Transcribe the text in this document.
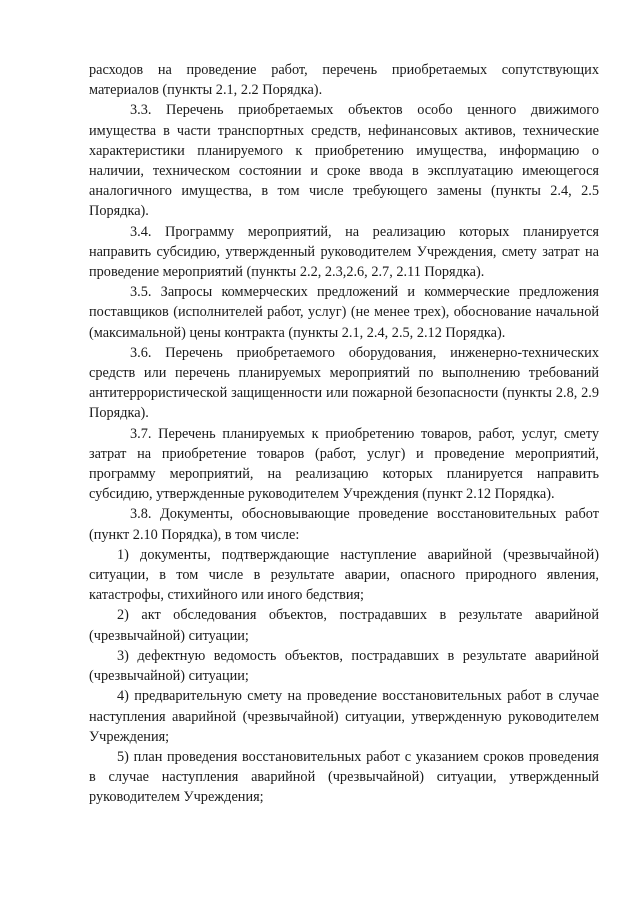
расходов на проведение работ, перечень приобретаемых сопутствующих материалов (пункты 2.1, 2.2 Порядка).

3.3. Перечень приобретаемых объектов особо ценного движимого имущества в части транспортных средств, нефинансовых активов, технические характеристики планируемого к приобретению имущества, информацию о наличии, техническом состоянии и сроке ввода в эксплуатацию имеющегося аналогичного имущества, в том числе требующего замены (пункты 2.4, 2.5 Порядка).

3.4. Программу мероприятий, на реализацию которых планируется направить субсидию, утвержденный руководителем Учреждения, смету затрат на проведение мероприятий (пункты 2.2, 2.3,2.6, 2.7, 2.11 Порядка).

3.5. Запросы коммерческих предложений и коммерческие предложения поставщиков (исполнителей работ, услуг) (не менее трех), обоснование начальной (максимальной) цены контракта (пункты 2.1, 2.4, 2.5, 2.12 Порядка).

3.6. Перечень приобретаемого оборудования, инженерно-технических средств или перечень планируемых мероприятий по выполнению требований антитеррористической защищенности или пожарной безопасности (пункты 2.8, 2.9 Порядка).

3.7. Перечень планируемых к приобретению товаров, работ, услуг, смету затрат на приобретение товаров (работ, услуг) и проведение мероприятий, программу мероприятий, на реализацию которых планируется направить субсидию, утвержденные руководителем Учреждения (пункт 2.12 Порядка).

3.8. Документы, обосновывающие проведение восстановительных работ (пункт 2.10 Порядка), в том числе:

1) документы, подтверждающие наступление аварийной (чрезвычайной) ситуации, в том числе в результате аварии, опасного природного явления, катастрофы, стихийного или иного бедствия;

2) акт обследования объектов, пострадавших в результате аварийной (чрезвычайной) ситуации;

3) дефектную ведомость объектов, пострадавших в результате аварийной (чрезвычайной) ситуации;

4) предварительную смету на проведение восстановительных работ в случае наступления аварийной (чрезвычайной) ситуации, утвержденную руководителем Учреждения;

5) план проведения восстановительных работ с указанием сроков проведения в случае наступления аварийной (чрезвычайной) ситуации, утвержденный руководителем Учреждения;
